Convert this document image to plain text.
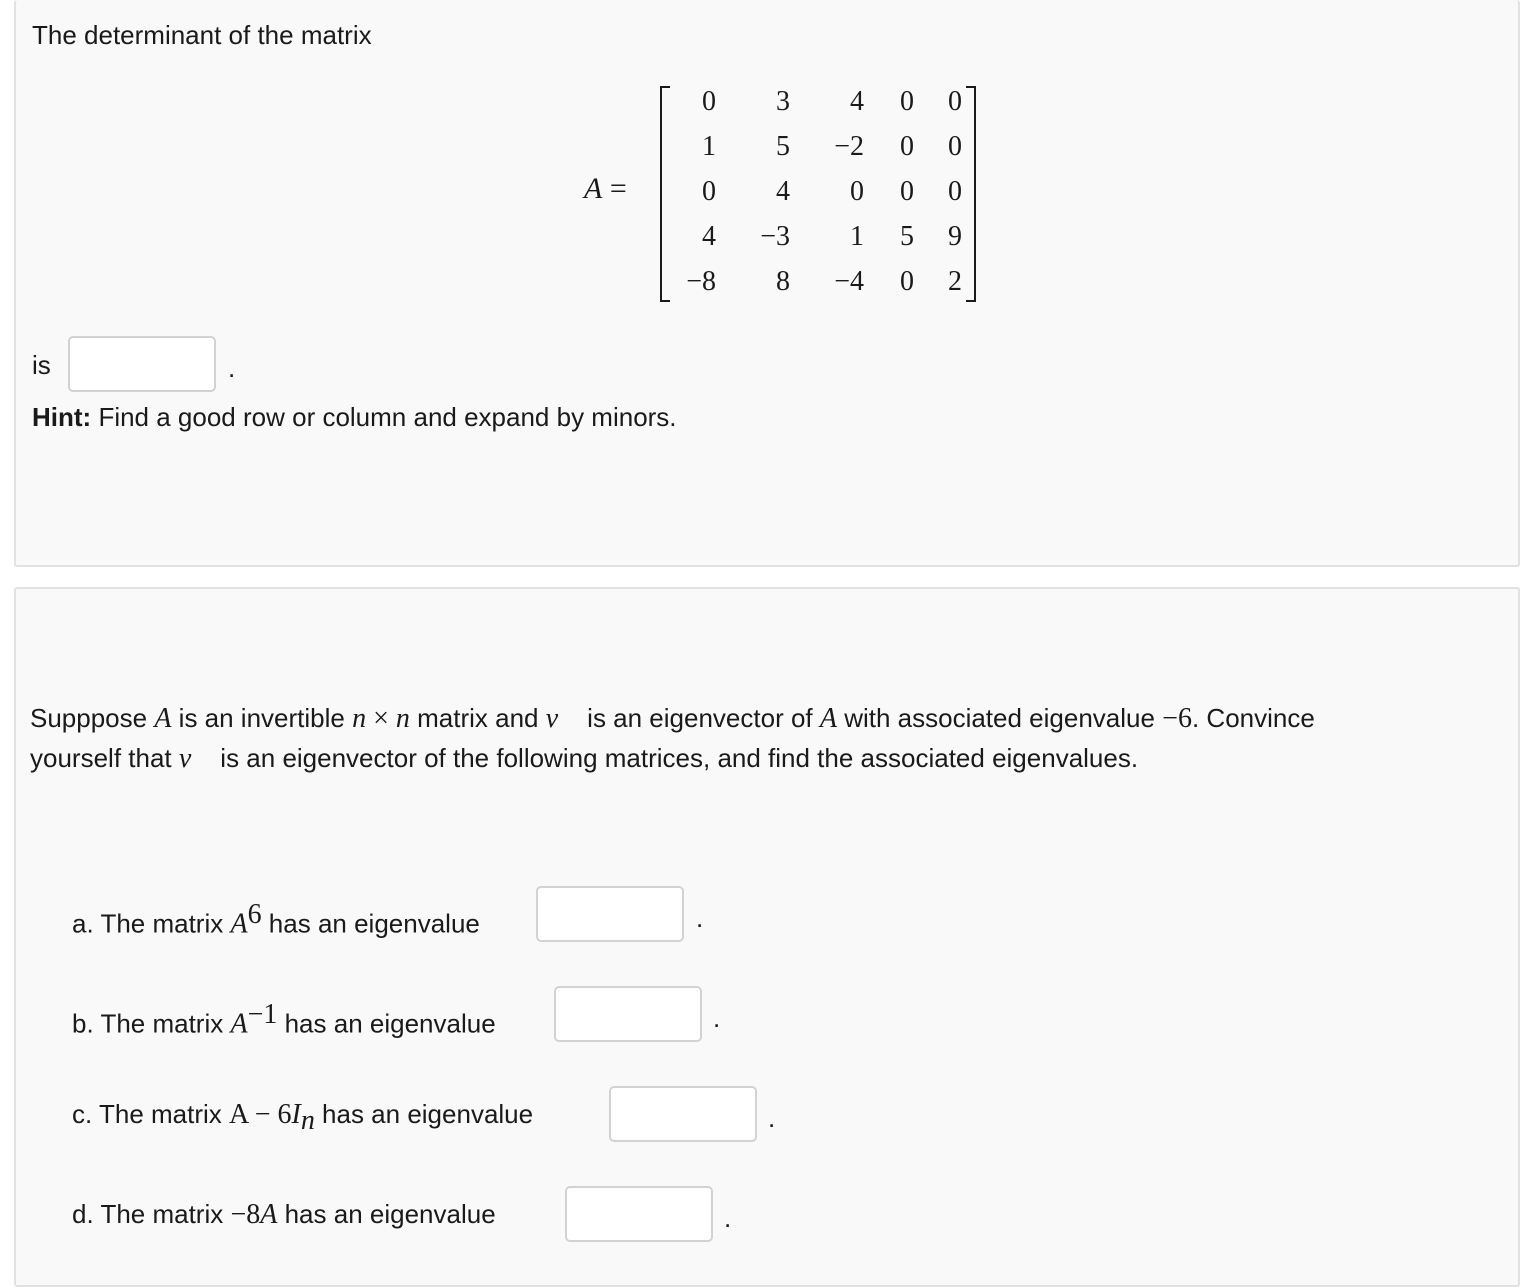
The determinant of the matrix
A =
0	3	4	0	0
1	5	−2	0	0
0	4	0	0	0
4	−3	1	5	9
−8	8	−4	0	2
is	.
Hint: Find a good row or column and expand by minors.
Supppose A is an invertible n × n matrix and v⃗ is an eigenvector of A with associated eigenvalue −6. Convince
yourself that v⃗ is an eigenvector of the following matrices, and find the associated eigenvalues.
a. The matrix $A^6$ has an eigenvalue	.
b. The matrix $A^{-1}$ has an eigenvalue	.
c. The matrix $A - 6I_n$ has an eigenvalue	.
d. The matrix −8A has an eigenvalue	.
